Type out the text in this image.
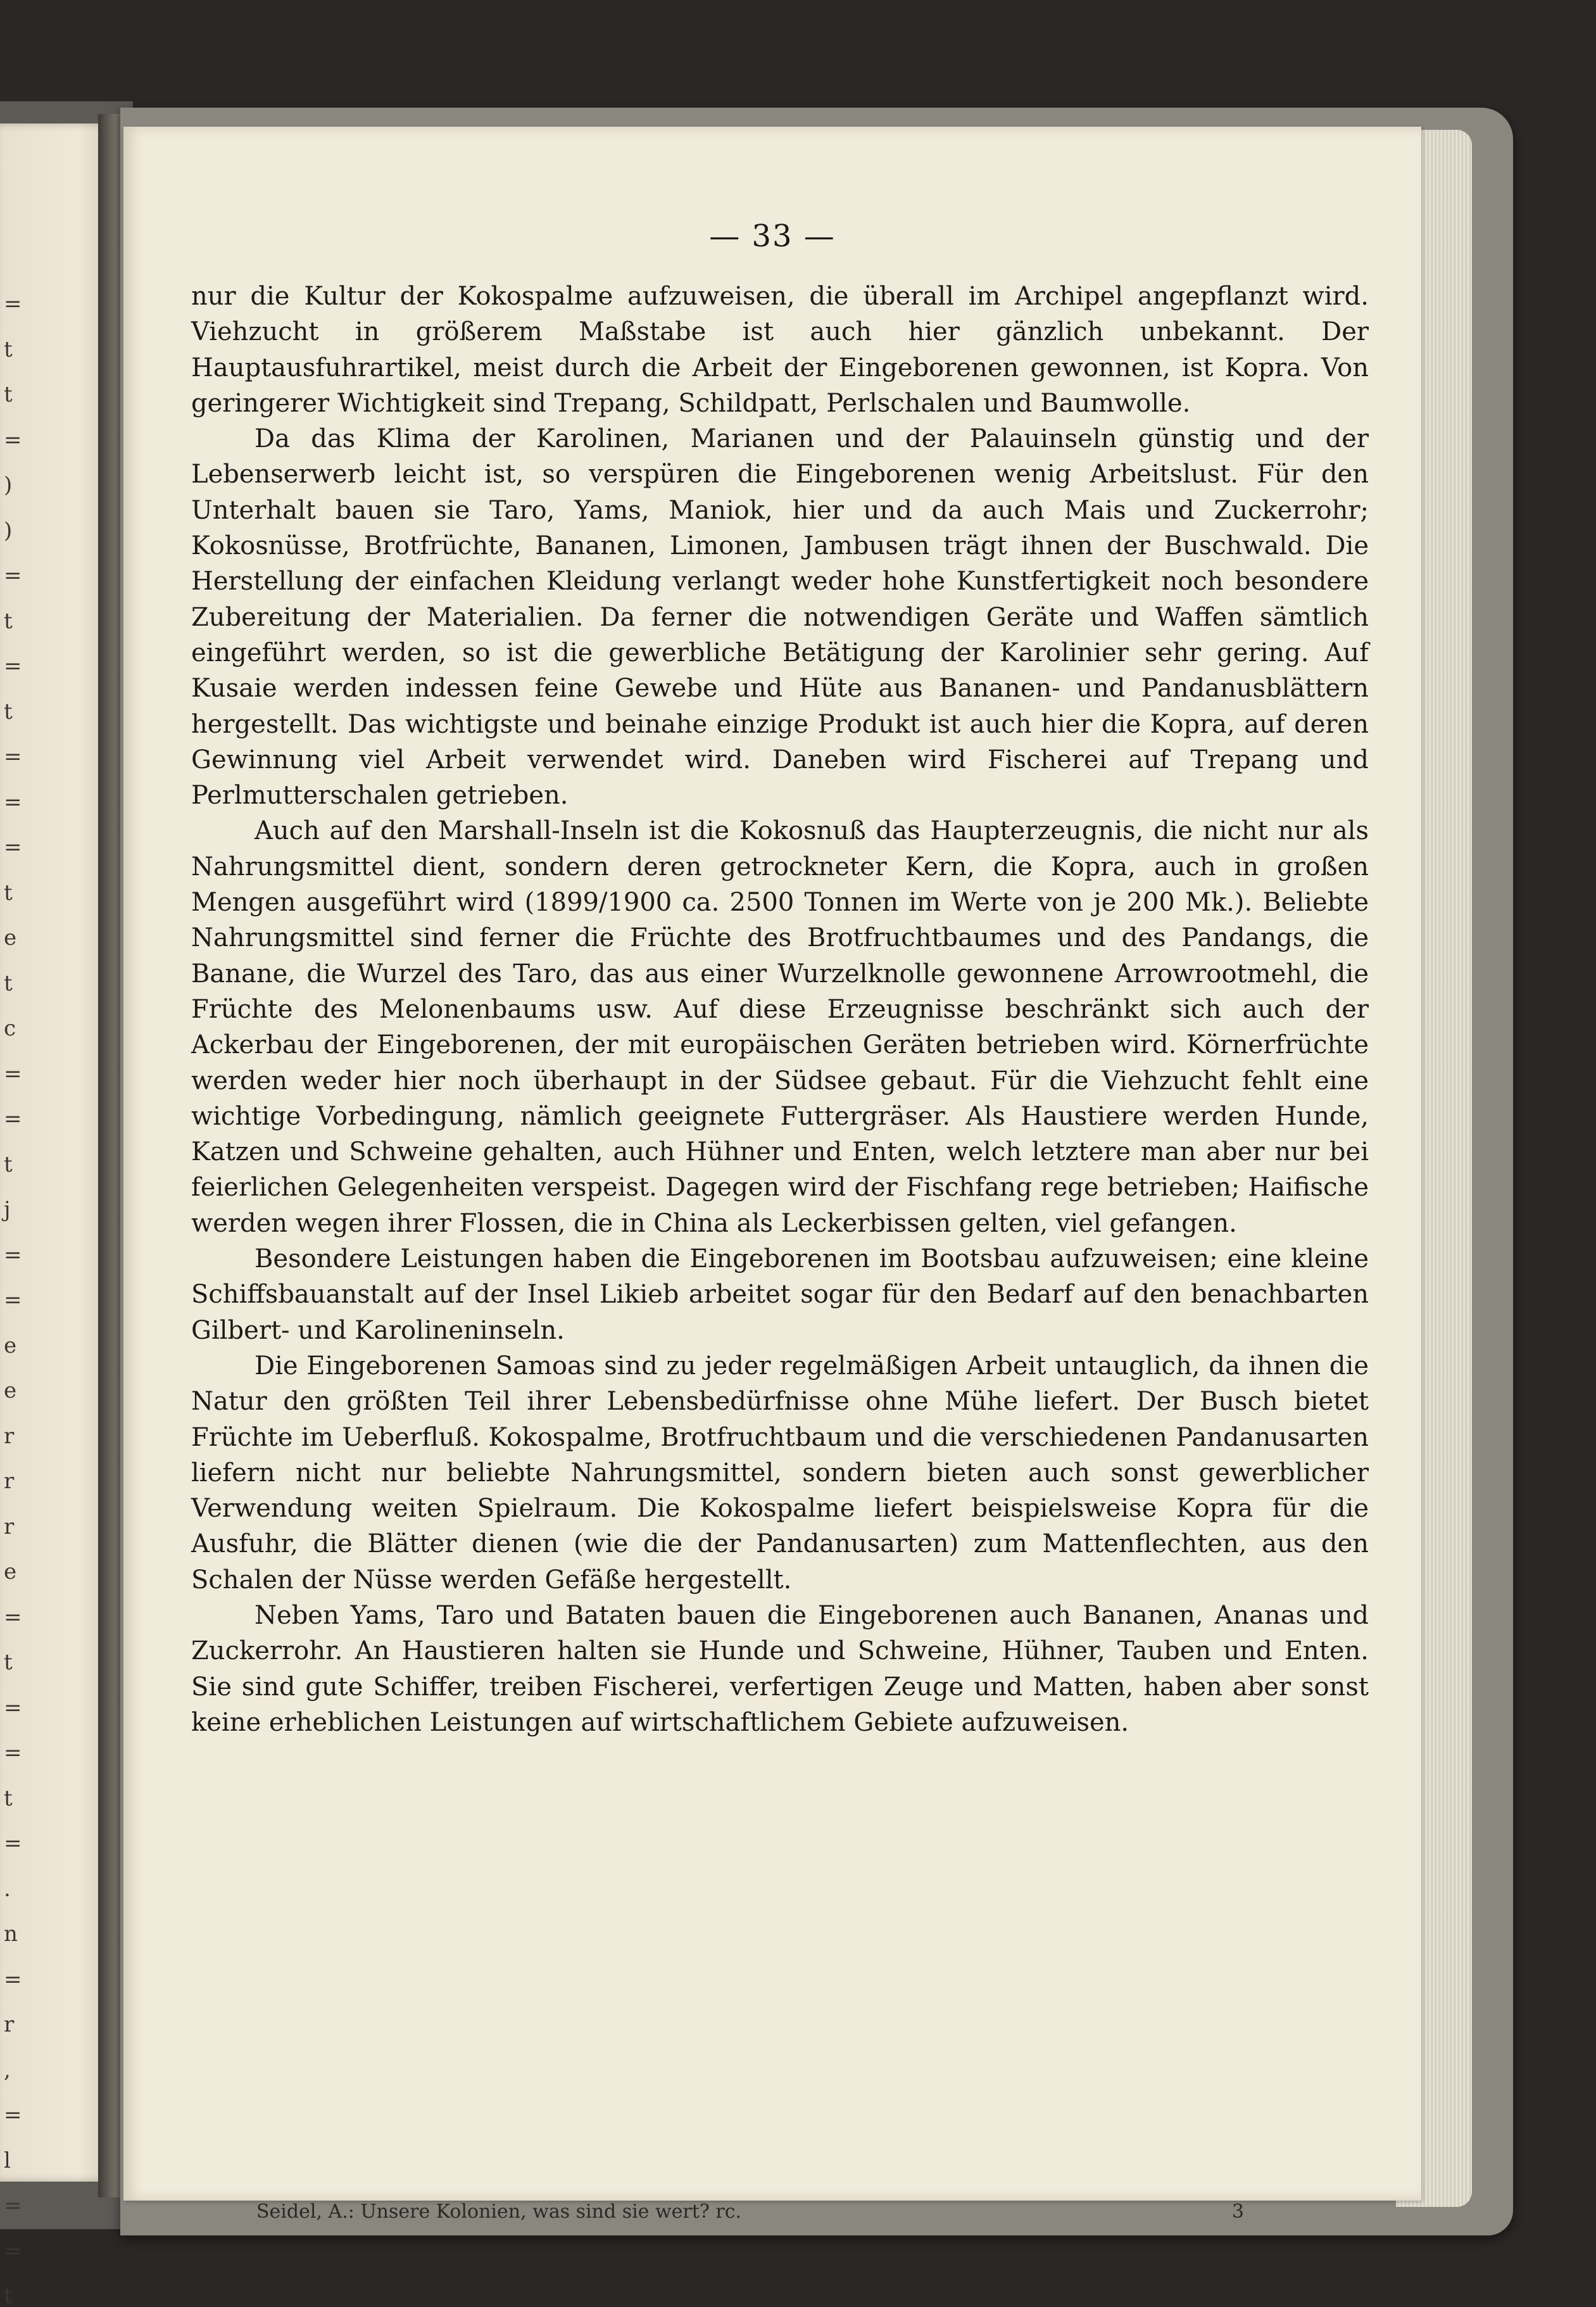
=
t
t
=
)
)
=
t
=
t
=
=
=
t
e
t
c
=
=
t
j
=
=
e
e
r
r
r
e
=
t
=
=
t
=
.
n
=
r
,
=
l
=
=
t
— 33 —

nur die Kultur der Kokospalme aufzuweisen, die überall im Archipel angepflanzt wird. Viehzucht in größerem Maßstabe ist auch hier gänzlich unbekannt. Der Hauptausfuhrartikel, meist durch die Arbeit der Eingeborenen gewonnen, ist Kopra. Von geringerer Wichtigkeit sind Trepang, Schildpatt, Perlschalen und Baumwolle.

Da das Klima der Karolinen, Marianen und der Palauinseln günstig und der Lebenserwerb leicht ist, so verspüren die Eingeborenen wenig Arbeitslust. Für den Unterhalt bauen sie Taro, Yams, Maniok, hier und da auch Mais und Zuckerrohr; Kokosnüsse, Brotfrüchte, Bananen, Limonen, Jambusen trägt ihnen der Buschwald. Die Herstellung der einfachen Kleidung verlangt weder hohe Kunstfertigkeit noch besondere Zubereitung der Materialien. Da ferner die notwendigen Geräte und Waffen sämtlich eingeführt werden, so ist die gewerbliche Betätigung der Karolinier sehr gering. Auf Kusaie werden indessen feine Gewebe und Hüte aus Bananen- und Pandanusblättern hergestellt. Das wichtigste und beinahe einzige Produkt ist auch hier die Kopra, auf deren Gewinnung viel Arbeit verwendet wird. Daneben wird Fischerei auf Trepang und Perlmutterschalen getrieben.

Auch auf den Marshall-Inseln ist die Kokosnuß das Haupterzeugnis, die nicht nur als Nahrungsmittel dient, sondern deren getrockneter Kern, die Kopra, auch in großen Mengen ausgeführt wird (1899/1900 ca. 2500 Tonnen im Werte von je 200 Mk.). Beliebte Nahrungsmittel sind ferner die Früchte des Brotfruchtbaumes und des Pandangs, die Banane, die Wurzel des Taro, das aus einer Wurzelknolle gewonnene Arrowrootmehl, die Früchte des Melonenbaums usw. Auf diese Erzeugnisse beschränkt sich auch der Ackerbau der Eingeborenen, der mit europäischen Geräten betrieben wird. Körnerfrüchte werden weder hier noch überhaupt in der Südsee gebaut. Für die Viehzucht fehlt eine wichtige Vorbedingung, nämlich geeignete Futtergräser. Als Haustiere werden Hunde, Katzen und Schweine gehalten, auch Hühner und Enten, welch letztere man aber nur bei feierlichen Gelegenheiten verspeist. Dagegen wird der Fischfang rege betrieben; Haifische werden wegen ihrer Flossen, die in China als Leckerbissen gelten, viel gefangen.

Besondere Leistungen haben die Eingeborenen im Bootsbau aufzuweisen; eine kleine Schiffsbauanstalt auf der Insel Likieb arbeitet sogar für den Bedarf auf den benachbarten Gilbert- und Karolineninseln.

Die Eingeborenen Samoas sind zu jeder regelmäßigen Arbeit untauglich, da ihnen die Natur den größten Teil ihrer Lebensbedürfnisse ohne Mühe liefert. Der Busch bietet Früchte im Ueberfluß. Kokospalme, Brotfruchtbaum und die verschiedenen Pandanusarten liefern nicht nur beliebte Nahrungsmittel, sondern bieten auch sonst gewerblicher Verwendung weiten Spielraum. Die Kokospalme liefert beispielsweise Kopra für die Ausfuhr, die Blätter dienen (wie die der Pandanusarten) zum Mattenflechten, aus den Schalen der Nüsse werden Gefäße hergestellt.

Neben Yams, Taro und Bataten bauen die Eingeborenen auch Bananen, Ananas und Zuckerrohr. An Haustieren halten sie Hunde und Schweine, Hühner, Tauben und Enten. Sie sind gute Schiffer, treiben Fischerei, verfertigen Zeuge und Matten, haben aber sonst keine erheblichen Leistungen auf wirtschaftlichem Gebiete aufzuweisen.

Seidel, A.: Unsere Kolonien, was sind sie wert? rc.	3
